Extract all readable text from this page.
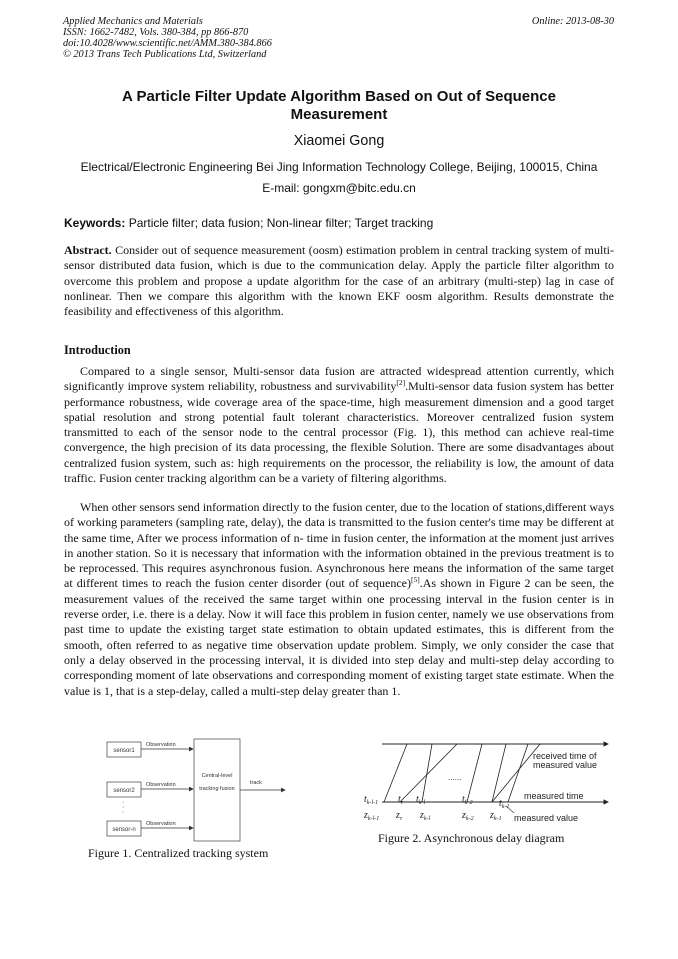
Applied Mechanics and Materials
ISSN: 1662-7482, Vols. 380-384, pp 866-870
doi:10.4028/www.scientific.net/AMM.380-384.866
© 2013 Trans Tech Publications Ltd, Switzerland
Online: 2013-08-30
A Particle Filter Update Algorithm Based on Out of Sequence
Measurement
Xiaomei Gong
Electrical/Electronic Engineering Bei Jing Information Technology College, Beijing, 100015, China
E-mail: gongxm@bitc.edu.cn
Keywords: Particle filter; data fusion; Non-linear filter; Target tracking

Abstract. Consider out of sequence measurement (oosm) estimation problem in central tracking system of multi-sensor distributed data fusion, which is due to the communication delay. Apply the particle filter algorithm to overcome this problem and propose a update algorithm for the case of an arbitrary (multi-step) lag in case of nonlinear. Then we compare this algorithm with the known EKF oosm algorithm. Results demonstrate the feasibility and effectiveness of this algorithm.

Introduction

Compared to a single sensor, Multi-sensor data fusion are attracted widespread attention currently, which significantly improve system reliability, robustness and survivability[2].Multi-sensor data fusion system has better performance robustness, wide coverage area of the space-time, high measurement dimension and a good target spatial resolution and strong potential fault tolerant characteristics. Moreover centralized fusion system transmitted to each of the sensor node to the central processor (Fig. 1), this method can achieve real-time convergence, the high precision of its data processing, the flexible Solution. There are some disadvantages about centralized fusion system, such as: high requirements on the processor, the reliability is low, the amount of data traffic. Fusion center tracking algorithm can be a variety of filtering algorithms.

When other sensors send information directly to the fusion center, due to the location of stations,different ways of working parameters (sampling rate, delay), the data is transmitted to the fusion center's time may be different at the same time, After we process information of n- time in fusion center, the information at the moment just arrives in another station. So it is necessary that information with the information obtained in the previous treatment is to be reprocessed. This requires asynchronous fusion. Asynchronous here means the information of the same target at different times to reach the fusion center disorder (out of sequence)[5].As shown in Figure 2 can be seen, the measurement values of the received the same target within one processing interval in the fusion center is in reverse order, i.e. there is a delay. Now it will face this problem in fusion center, namely we use observations from past time to update the existing target state estimation to obtain updated estimates, this is different from the smooth, often referred to as negative time observation update problem. Simply, we only consider the case that only a delay observed in the processing interval, it is divided into step delay and multi-step delay according to corresponding moment of late observations and corresponding moment of existing target state estimate. When the value is 1, that is a step-delay, called a multi-step delay greater than 1.

sensor1
sensor2
sensor-n
·
·
·
Observation
Observation
Observation
Central-level
tracking fusion
track
Figure 1. Centralized tracking system
......
received time of
measured value
measured time
measured value
$t_{k-l-1}$ $t_\tau$ $t_{k-l}$	$t_{k-2}$	$t_{k-1}$
$z_{k-l-1}$ $z_\tau$ $z_{k-l}$	$z_{k-2}$ $z_{k-1}$
Figure 2. Asynchronous delay diagram
